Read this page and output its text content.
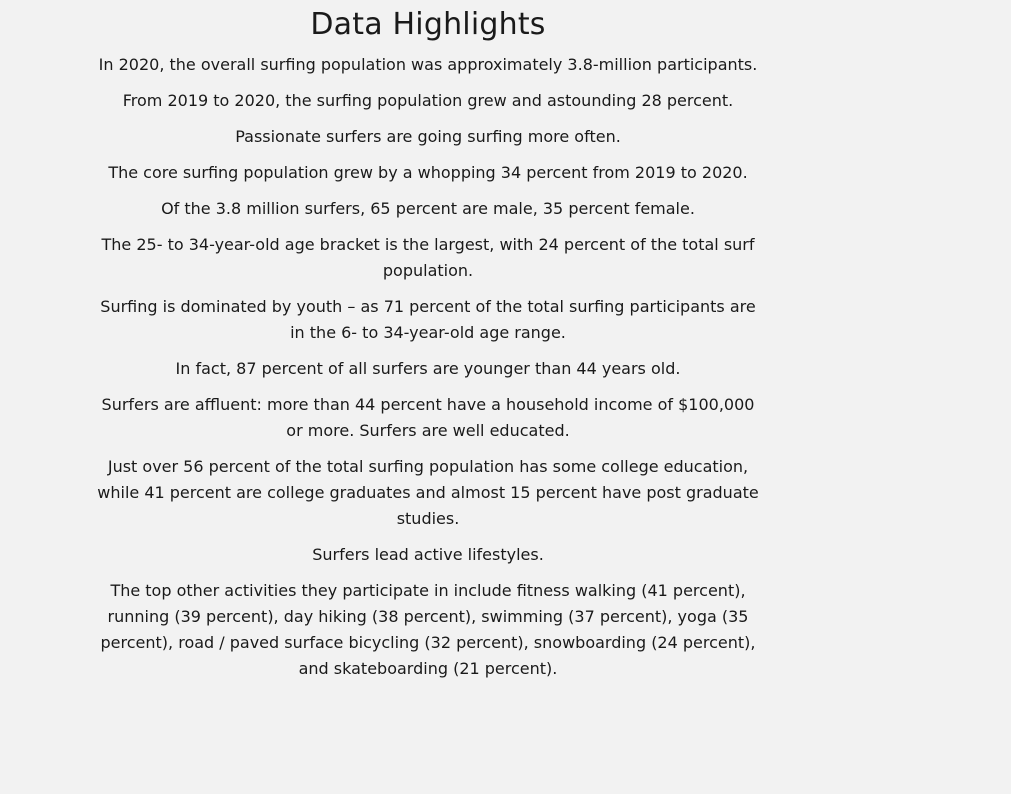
Data Highlights

In 2020, the overall surfing population was approximately 3.8-million participants.

From 2019 to 2020, the surfing population grew and astounding 28 percent.

Passionate surfers are going surfing more often.

The core surfing population grew by a whopping 34 percent from 2019 to 2020.

Of the 3.8 million surfers, 65 percent are male, 35 percent female.

The 25- to 34-year-old age bracket is the largest, with 24 percent of the total surf population.

Surfing is dominated by youth – as 71 percent of the total surfing participants are in the 6- to 34-year-old age range.

In fact, 87 percent of all surfers are younger than 44 years old.

Surfers are affluent: more than 44 percent have a household income of $100,000 or more. Surfers are well educated.

Just over 56 percent of the total surfing population has some college education, while 41 percent are college graduates and almost 15 percent have post graduate studies.

Surfers lead active lifestyles.

The top other activities they participate in include fitness walking (41 percent), running (39 percent), day hiking (38 percent), swimming (37 percent), yoga (35 percent), road / paved surface bicycling (32 percent), snowboarding (24 percent), and skateboarding (21 percent).
